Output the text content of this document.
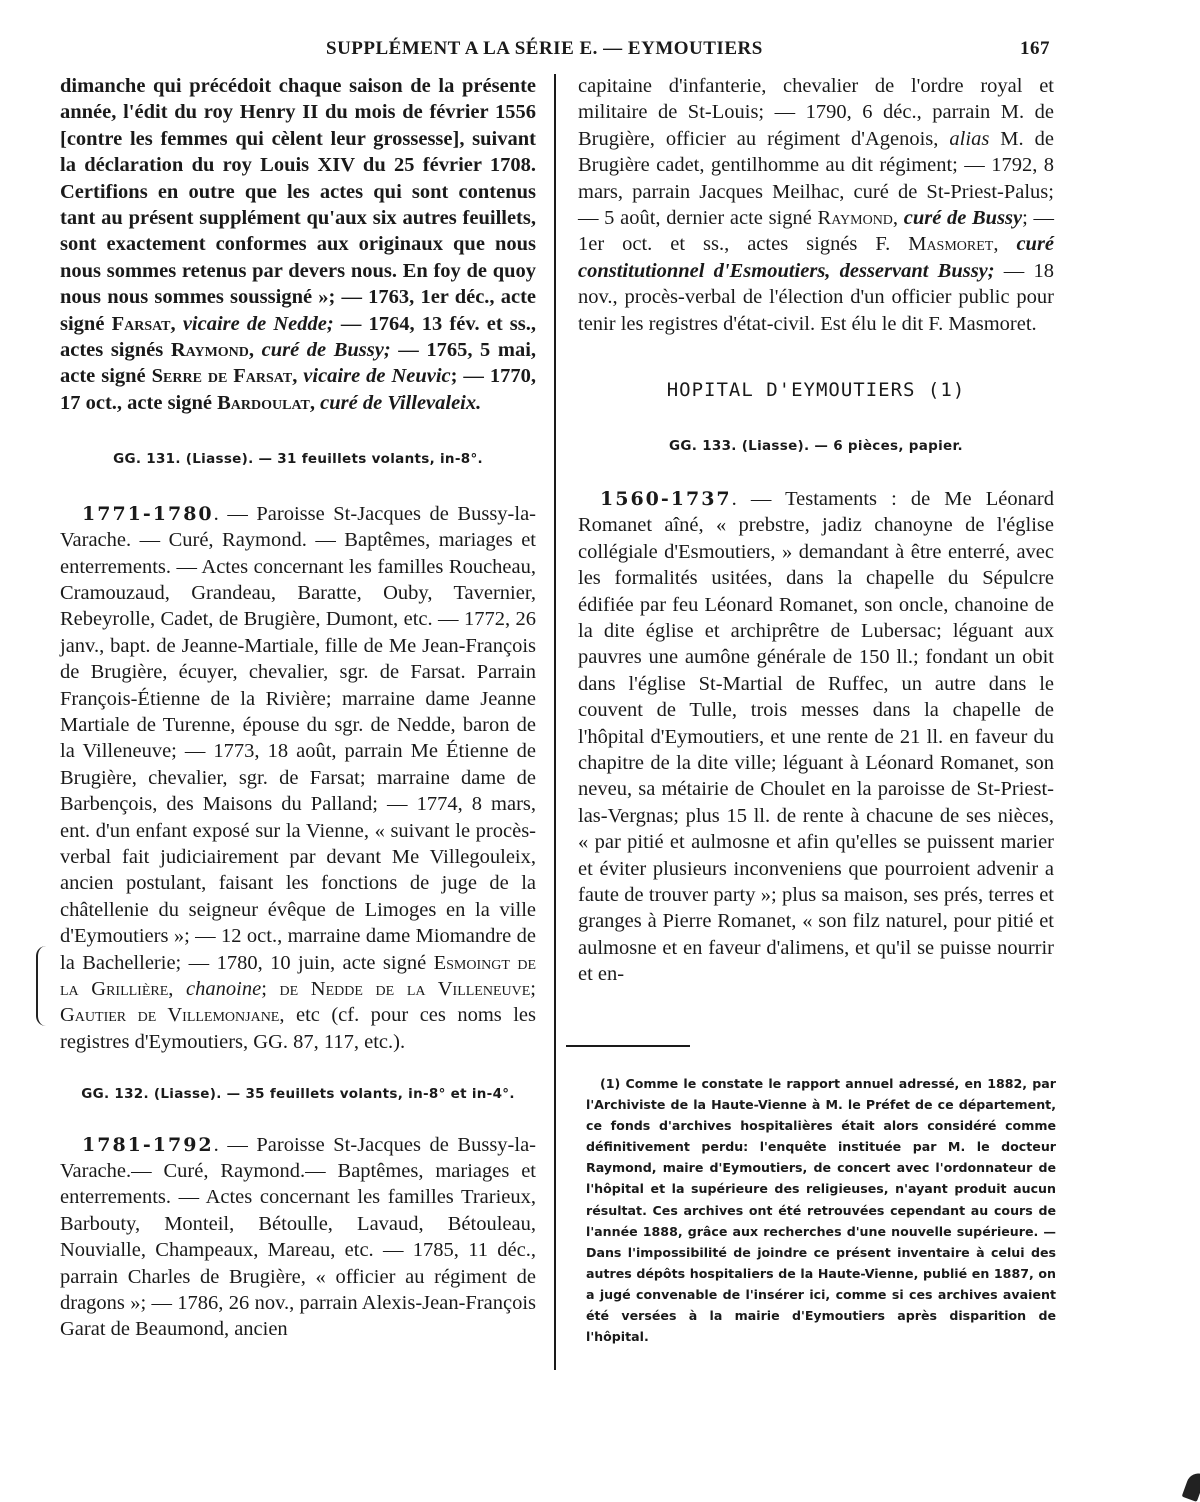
SUPPLÉMENT A LA SÉRIE E. — EYMOUTIERS	167

dimanche qui précédoit chaque saison de la présente année, l'édit du roy Henry II du mois de février 1556 [contre les femmes qui cèlent leur grossesse], suivant la déclaration du roy Louis XIV du 25 février 1708. Certifions en outre que les actes qui sont contenus tant au présent supplément qu'aux six autres feuillets, sont exactement conformes aux originaux que nous nous sommes retenus par devers nous. En foy de quoy nous nous sommes soussigné »; — 1763, 1er déc., acte signé Farsat, vicaire de Nedde; — 1764, 13 fév. et ss., actes signés Raymond, curé de Bussy; — 1765, 5 mai, acte signé Serre de Farsat, vicaire de Neuvic; — 1770, 17 oct., acte signé Bardoulat, curé de Villevaleix.

GG. 131. (Liasse). — 31 feuillets volants, in-8°.

1771-1780. — Paroisse St-Jacques de Bussy-la-Varache. — Curé, Raymond. — Baptêmes, mariages et enterrements. — Actes concernant les familles Roucheau, Cramouzaud, Grandeau, Baratte, Ouby, Tavernier, Rebeyrolle, Cadet, de Brugière, Dumont, etc. — 1772, 26 janv., bapt. de Jeanne-Martiale, fille de Me Jean-François de Brugière, écuyer, chevalier, sgr. de Farsat. Parrain François-Étienne de la Rivière; marraine dame Jeanne Martiale de Turenne, épouse du sgr. de Nedde, baron de la Villeneuve; — 1773, 18 août, parrain Me Étienne de Brugière, chevalier, sgr. de Farsat; marraine dame de Barbençois, des Maisons du Palland; — 1774, 8 mars, ent. d'un enfant exposé sur la Vienne, « suivant le procès-verbal fait judiciairement par devant Me Villegouleix, ancien postulant, faisant les fonctions de juge de la châtellenie du seigneur évêque de Limoges en la ville d'Eymoutiers »; — 12 oct., marraine dame Miomandre de la Bachellerie; — 1780, 10 juin, acte signé Esmoingt de la Grillière, chanoine; de Nedde de la Villeneuve; Gautier de Villemonjane, etc (cf. pour ces noms les registres d'Eymoutiers, GG. 87, 117, etc.).

GG. 132. (Liasse). — 35 feuillets volants, in-8° et in-4°.

1781-1792. — Paroisse St-Jacques de Bussy-la-Varache.— Curé, Raymond.— Baptêmes, mariages et enterrements. — Actes concernant les familles Trarieux, Barbouty, Monteil, Bétoulle, Lavaud, Bétouleau, Nouvialle, Champeaux, Mareau, etc. — 1785, 11 déc., parrain Charles de Brugière, « officier au régiment de dragons »; — 1786, 26 nov., parrain Alexis-Jean-François Garat de Beaumond, ancien

capitaine d'infanterie, chevalier de l'ordre royal et militaire de St-Louis; — 1790, 6 déc., parrain M. de Brugière, officier au régiment d'Agenois, alias M. de Brugière cadet, gentilhomme au dit régiment; — 1792, 8 mars, parrain Jacques Meilhac, curé de St-Priest-Palus; — 5 août, dernier acte signé Raymond, curé de Bussy; — 1er oct. et ss., actes signés F. Masmoret, curé constitutionnel d'Esmoutiers, desservant Bussy; — 18 nov., procès-verbal de l'élection d'un officier public pour tenir les registres d'état-civil. Est élu le dit F. Masmoret.

HOPITAL D'EYMOUTIERS (1)

GG. 133. (Liasse). — 6 pièces, papier.

1560-1737. — Testaments : de Me Léonard Romanet aîné, « prebstre, jadiz chanoyne de l'église collégiale d'Esmoutiers, » demandant à être enterré, avec les formalités usitées, dans la chapelle du Sépulcre édifiée par feu Léonard Romanet, son oncle, chanoine de la dite église et archiprêtre de Lubersac; léguant aux pauvres une aumône générale de 150 ll.; fondant un obit dans l'église St-Martial de Ruffec, un autre dans le couvent de Tulle, trois messes dans la chapelle de l'hôpital d'Eymoutiers, et une rente de 21 ll. en faveur du chapitre de la dite ville; léguant à Léonard Romanet, son neveu, sa métairie de Choulet en la paroisse de St-Priest-las-Vergnas; plus 15 ll. de rente à chacune de ses nièces, « par pitié et aulmosne et afin qu'elles se puissent marier et éviter plusieurs inconveniens que pourroient advenir a faute de trouver party »; plus sa maison, ses prés, terres et granges à Pierre Romanet, « son filz naturel, pour pitié et aulmosne et en faveur d'alimens, et qu'il se puisse nourrir et en-

(1) Comme le constate le rapport annuel adressé, en 1882, par l'Archiviste de la Haute-Vienne à M. le Préfet de ce département, ce fonds d'archives hospitalières était alors considéré comme définitivement perdu: l'enquête instituée par M. le docteur Raymond, maire d'Eymoutiers, de concert avec l'ordonnateur de l'hôpital et la supérieure des religieuses, n'ayant produit aucun résultat. Ces archives ont été retrouvées cependant au cours de l'année 1888, grâce aux recherches d'une nouvelle supérieure. — Dans l'impossibilité de joindre ce présent inventaire à celui des autres dépôts hospitaliers de la Haute-Vienne, publié en 1887, on a jugé convenable de l'insérer ici, comme si ces archives avaient été versées à la mairie d'Eymoutiers après disparition de l'hôpital.
